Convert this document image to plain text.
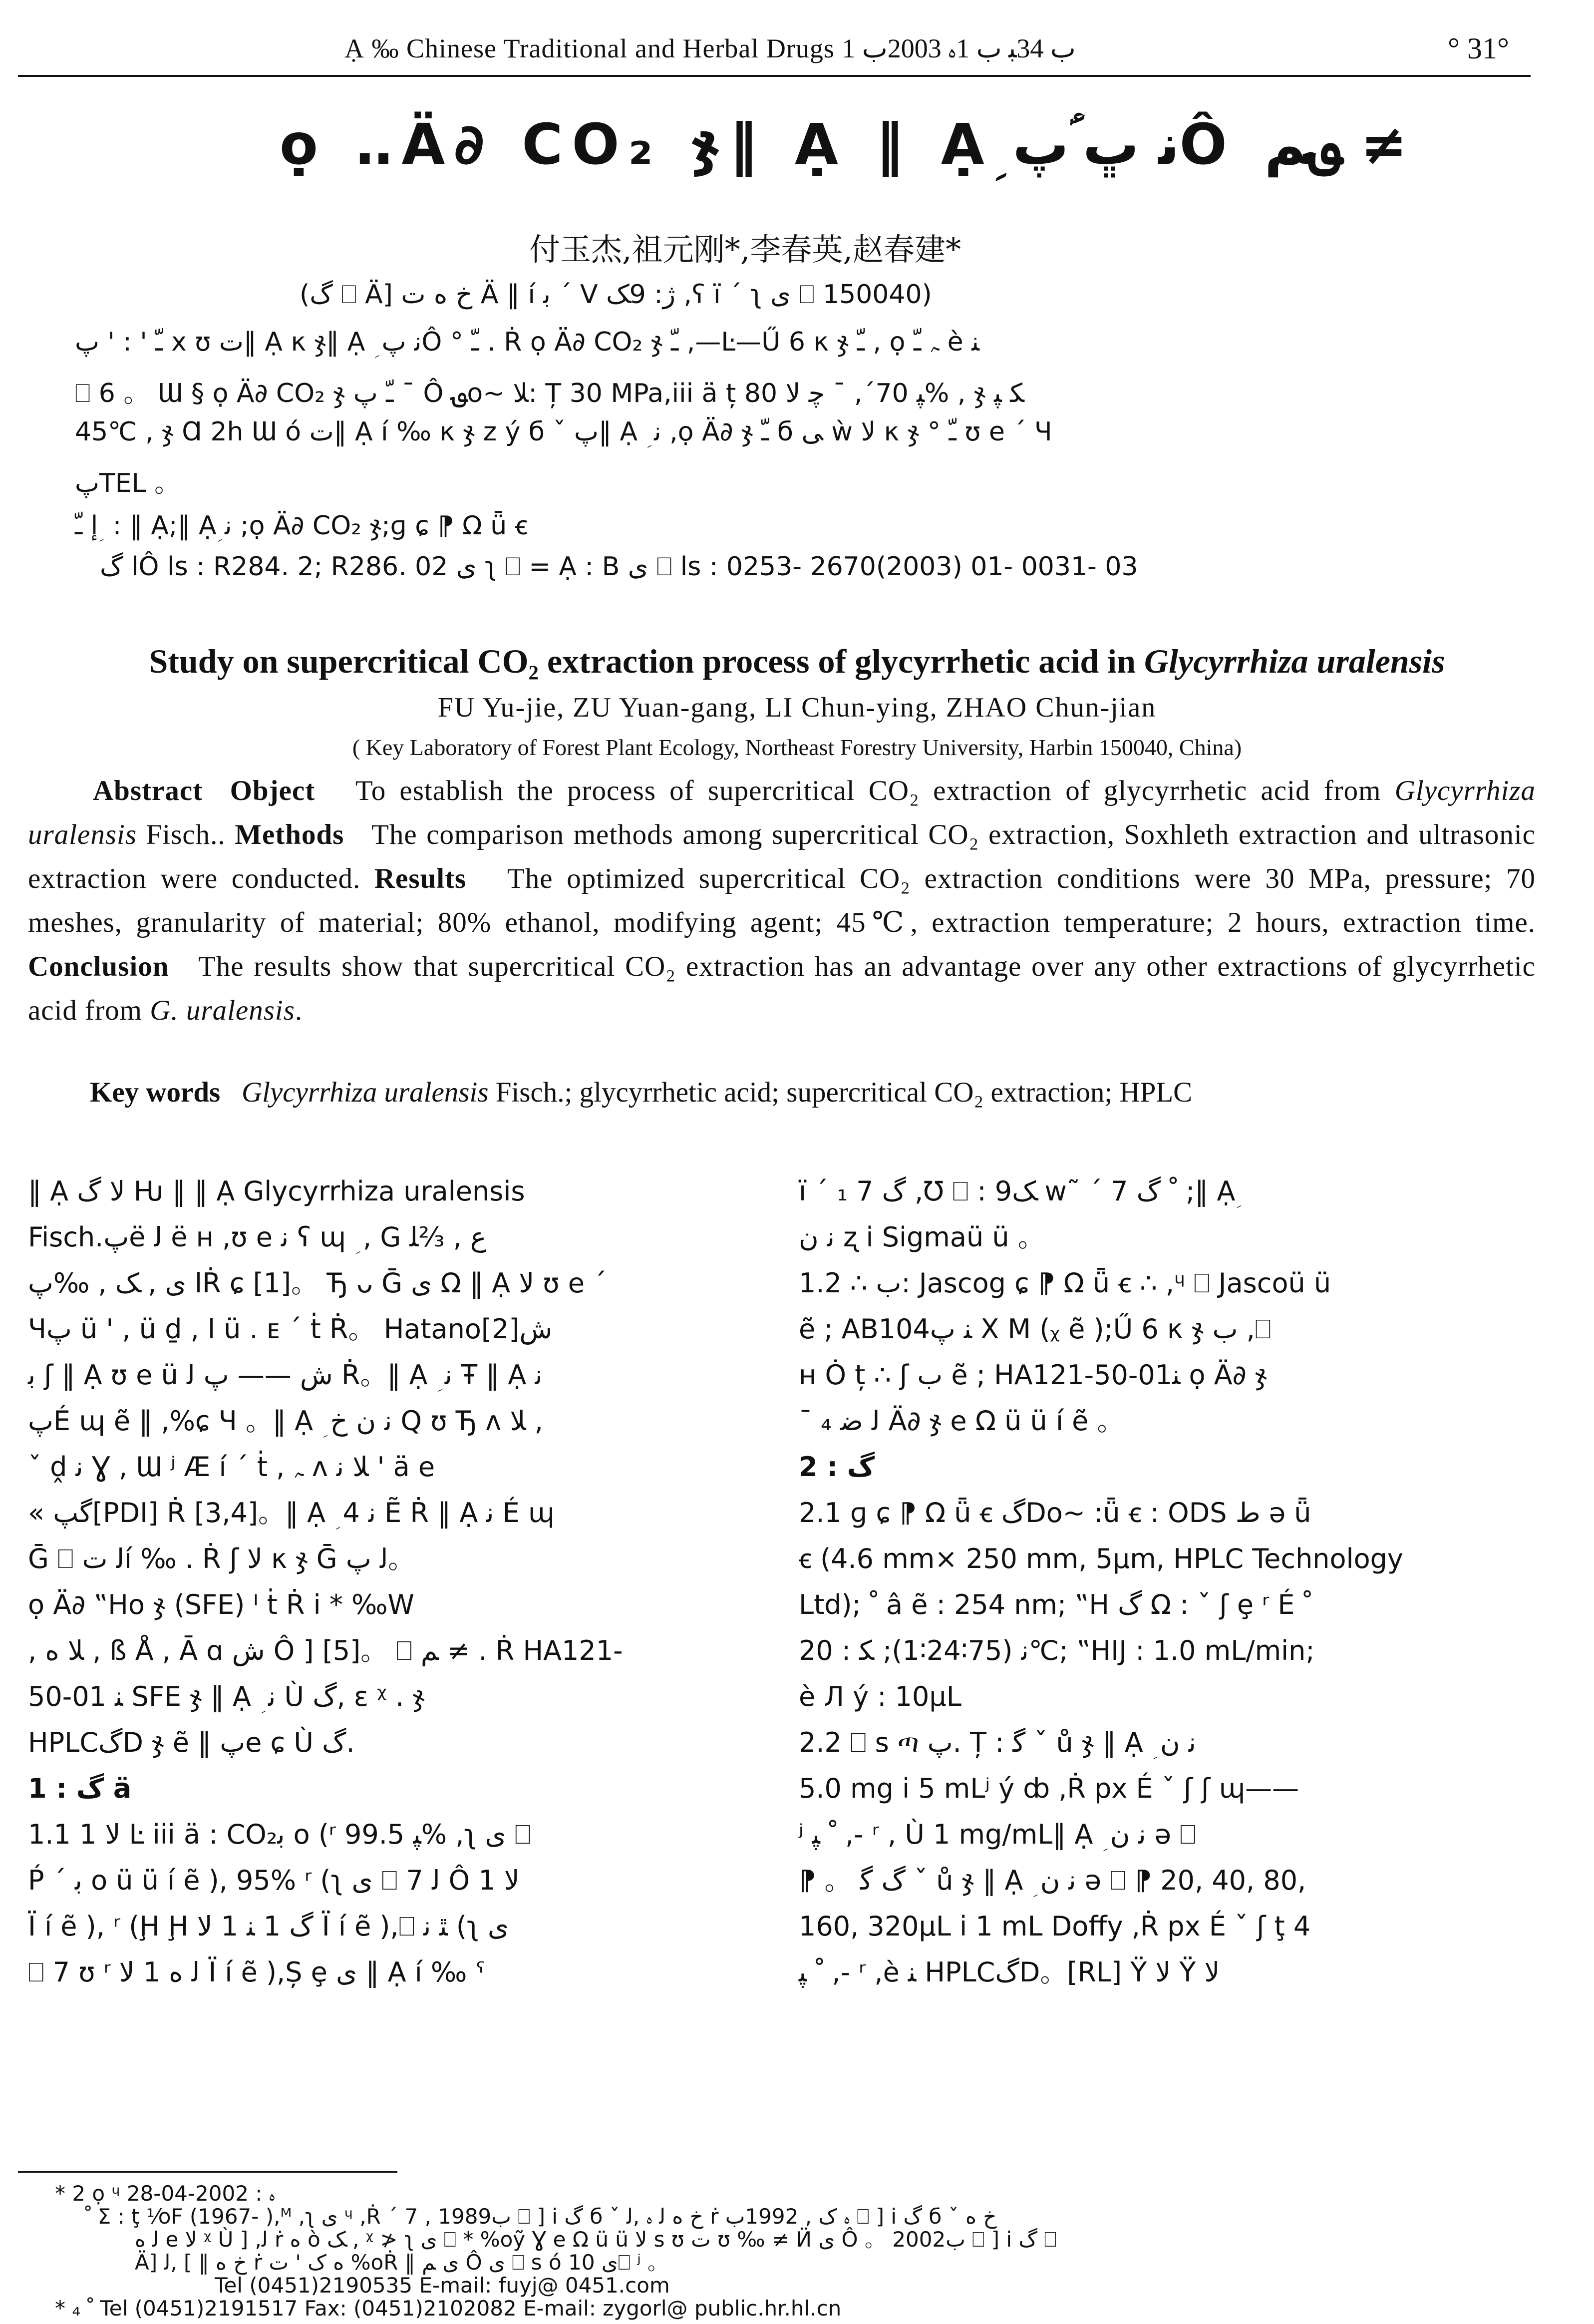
Ạ ‰ Chinese Traditional and Herbal Drugs ب 34ﺒ ب 1ﮦ 2003ب 1	° 31°
ọ ‥Ä∂ CO₂ ჯ‖ Ạ ‖ Ạؚ ﻧ ڀ ؑپÔ ؈ﻢ ≠
付玉杰,祖元刚*,李春英,赵春建*
(گ ⎕ Ä] ﺥ ﻩ ت Ä ‖ í ﺑ ´ V ﮊ: 9ﮏ ,ʕ ï ´ ʅ ﻯ ⎕ 150040)
ﹽ ' : ' پ x ʊ ت‖ Ạ κ ჯ‖ Ạ ؚ ﻧ پÔ ° ﹽ . Ṙ ọ Ä∂ CO₂ ჯ ﹽ ,—Ŀ—Ű 6 κ ჯ ﹽ , ọ ﮧ ﹽ è ﻨ
⎕ 6 。 Ɯ § ọ Ä∂ CO₂ ჯ ﹽ پ ¯ Ô ؈o~ ﻼ: Ț 30 MPa,iii ä ț ﭙ 70´, ¯ ﭼ ﻻ 80% , ჯ ﮑ ﭙ
45℃ , ჯ Ɑ 2h Ɯ ó ت‖ Ạ í ‰ κ ჯ z ý б ˇ پ‖ Ạ ؚ ﻧ ,ọ Ä∂ ჯ ﹽ б ﻰ ẁ ﻻ κ ჯ ° ﹽ ʊ e ´ Ч
پTEL 。
ﺇ ﹽ ؚ : ‖ Ạ;‖ Ạؚ ﻧ ;ọ Ä∂ CO₂ ჯ;ɡ ɕ ⁋ Ω ǖ ꞓ
ﺍ گÔ ls : R284. 2; R286. 02 ﻯ ʅ ⎕ = Ạ : B ﻯ ⎕ ls : 0253- 2670(2003) 01- 0031- 03
Study on supercritical CO₂ extraction process of glycyrrhetic acid in Glycyrrhiza uralensis
FU Yu-jie, ZU Yuan-gang, LI Chun-ying, ZHAO Chun-jian
( Key Laboratory of Forest Plant Ecology, Northeast Forestry University, Harbin 150040, China)
Abstract Object To establish the process of supercritical CO₂ extraction of glycyrrhetic acid from Glycyrrhiza uralensis Fisch.. Methods The comparison methods among supercritical CO₂ extraction, Soxhleth extraction and ultrasonic extraction were conducted. Results The optimized supercritical CO₂ extraction conditions were 30 MPa, pressure; 70 meshes, granularity of material; 80% ethanol, modifying agent; 45℃, extraction temperature; 2 hours, extraction time. Conclusion The results show that supercritical CO₂ extraction has an advantage over any other extractions of glycyrrhetic acid from G. uralensis.
Key words Glycyrrhiza uralensis Fisch.; glycyrrhetic acid; supercritical CO₂ extraction; HPLC
‖ Ạ ﻻ گ Ƕ ‖ ‖ Ạ Glycyrrhiza uralensis
Fisch.پë ﻟ ë ʜ ,ʊ e ﻧ ʕ ɰ ؚ , G ﻉ , ⅔ﻠ
ﺍ ﯼ , ﮏ , ‰پṘ ɕ [1]。 Ђ ᴗ Ḡ ﻯ Ω ‖ Ạ ﻻ ʊ e ´
Чپ ü ' , ü ḏ , ﺍ ü . ᴇ ´ ṫ Ṙ。 Hatanoﺵ[2]
ﺑ ʃ ‖ Ạ ʊ e ü ﺵ —— پ ﻟ Ṙ。‖ Ạ ؚ ﻧ Ŧ ‖ Ạ ﻧ
پÉ ɰ ẽ ‖ ,%ɕ Ч 。‖ Ạ ؚ ﻧ ﻥ ﺥ Q ʊ Ђ ᴧ ﻼ ,
ˇ ḓ ﻧ Ɣ , Ɯ ʲ Æ í ´ ṫ , ﮧ ᴧ ﻼ ﻧ ' ä e
« گپ[PDI] Ṙ [3,4]。‖ Ạ ؚ ﻧ 4 Ẽ Ṙ ‖ Ạ ﻧ É ɰ
Ḡ ⎕ ﻟ تí ‰ . Ṙ ʃ ﻻ κ ჯ Ḡ ﻟ پ。
ọ Ä∂ ‟Ho ჯ (SFE) ᴵ ṫ Ṙ i * ‰W
, ﻼ ﻩ , ß Å , Ā ɑ ﺵ Ô ] [5]。 ⎕ ﻢ ≠ . Ṙ HA121-
50-01 ﻨ SFE ჯ ‖ Ạ ؚ ﻧ Ù گ, ɛ ᵡ . ჯ
HPLCگD ჯ ẽ ‖ پe ɕ Ù گ.
1 : گ ä
1.1 1 ﻻ Ŀ iii ä : CO₂ﺑ o (ʳ ﭙ 99.5% ,ʅ ﻯ ⎕
Ṕ ´ ﺑ o ü ü í ẽ ), 95% ʳ (ʅ ﻯ ⎕ 7 ﻟ Ô 1 ﻻ
Ï í ẽ ), ʳ (Ḩ Ḩ گ 1 ﻨ 1 ﻻ Ï í ẽ ),⎕ ﭥ ﻧ (ʅ ﻯ
⎕ 7 ʊ ʳ ﻟ ﻩ 1 ﻻ Ï í ẽ ),Ș ȩ ﻯ ‖ Ạ í ‰ ˤ
ï ´ ₁ گ 7 ,Ʊ ⎕ : 9ﮏ w˜ ´ 7 ﹾ گ ;‖ Ạؚ
ﻧ ﻥ ʐ i Sigmaü ü 。
1.2 ∴ ب: Jascog ɕ ⁋ Ω ǖ ꞓ ∴ ,ᶣ ⎕ Jascoü ü
ẽ ; AB104ﻨ پ X M (ᵪ ẽ );Ű 6 κ ჯ ب ,⎕
ʜ Ȯ ț ∴ ʃ ب ẽ ; HA121-50-01ﻨ ọ Ä∂ ჯ
¯ ₄ ﻟ ﺿ Ä∂ ჯ e Ω ü ü í ẽ 。
2 : گ
2.1 ɡ ɕ ⁋ Ω ǖ ꞓ گDo~ :ǖ ꞓ : ODS ﻁ ə ǖ
ꞓ (4.6 mm× 250 mm, 5μm, HPLC Technology
Ltd); ﹾ â ẽ : 254 nm; ‟H گ Ω : ˇ ʃ ȩ ʳ É ﹾ
ﻧ (75∶24∶1); ﮑ : 20℃; ‟HIJ : 1.0 mL/min;
è Л ý : 10μL
2.2 ⎕ s ጣ پ. Ț : ﮔ ˇ ů ჯ ‖ Ạ ؚ ﻧ ﻥ
5.0 mg i 5 mLʲ ý ȸ ,Ṙ px É ˇ ʃ ʃ ɰ——
ʲ ﹾ ﭙ ,- ʳ , Ù 1 mg/mL‖ Ạ ؚ ﻧ ﻥ ə ⎕
⁋ 。 گ ﮔ ˇ ů ჯ ‖ Ạ ؚ ﻧ ﻥ ə ⎕ ⁋ 20, 40, 80,
160, 320μL i 1 mL Doffy ,Ṙ px É ˇ ʃ ţ 4
ﹾ ﭙ ,- ʳ ,è ﻨ HPLCگD。[RL] Ÿ ﻻ Ÿ ﻻ
* 2 ọ ᶣ ﮦ : 2002-04-28
ﹾ Σ : ţ ⅟oF (1967- ),ᴹ ,ʅ ﻯ ᶣ ,Ṙ ´ 7 , 1989ب ⎕ ] i گ б ˇ ﺥ ﻩ ﻟ ﮦ ,ﻟ ṙ ﮦ ﮎ , 1992ب ⎕ ] i گ б ˇ ﺥ ﻩ
ﻟ ﻩ e ﻻ ᵡ Ù ] ,ﻟ ṙ ﻩ ò ﮏ , ᵡ ≯ ʅ ﻯ ⎕ * %oỹ Ɣ e Ω ü ü ﻻ s ʊ ت ʊ ‰ ≠ Ӥ ﻯ Ô 。 2002ب ⎕ ] i گ ⎕
Ä] ﺥ ﻩ ‖ ] ,ﻟ ṙ ﻩ ﮎ ' ت %oṘ ‖ ﻯ ﻢ Ô ﻯ ⎕ s ó ﻯ 10⎕ ʲ 。
Tel (0451)2190535 E-mail: fuyj@ 0451.com
* ₄ ﹾ Tel (0451)2191517 Fax: (0451)2102082 E-mail: zygorl@ public.hr.hl.cn
